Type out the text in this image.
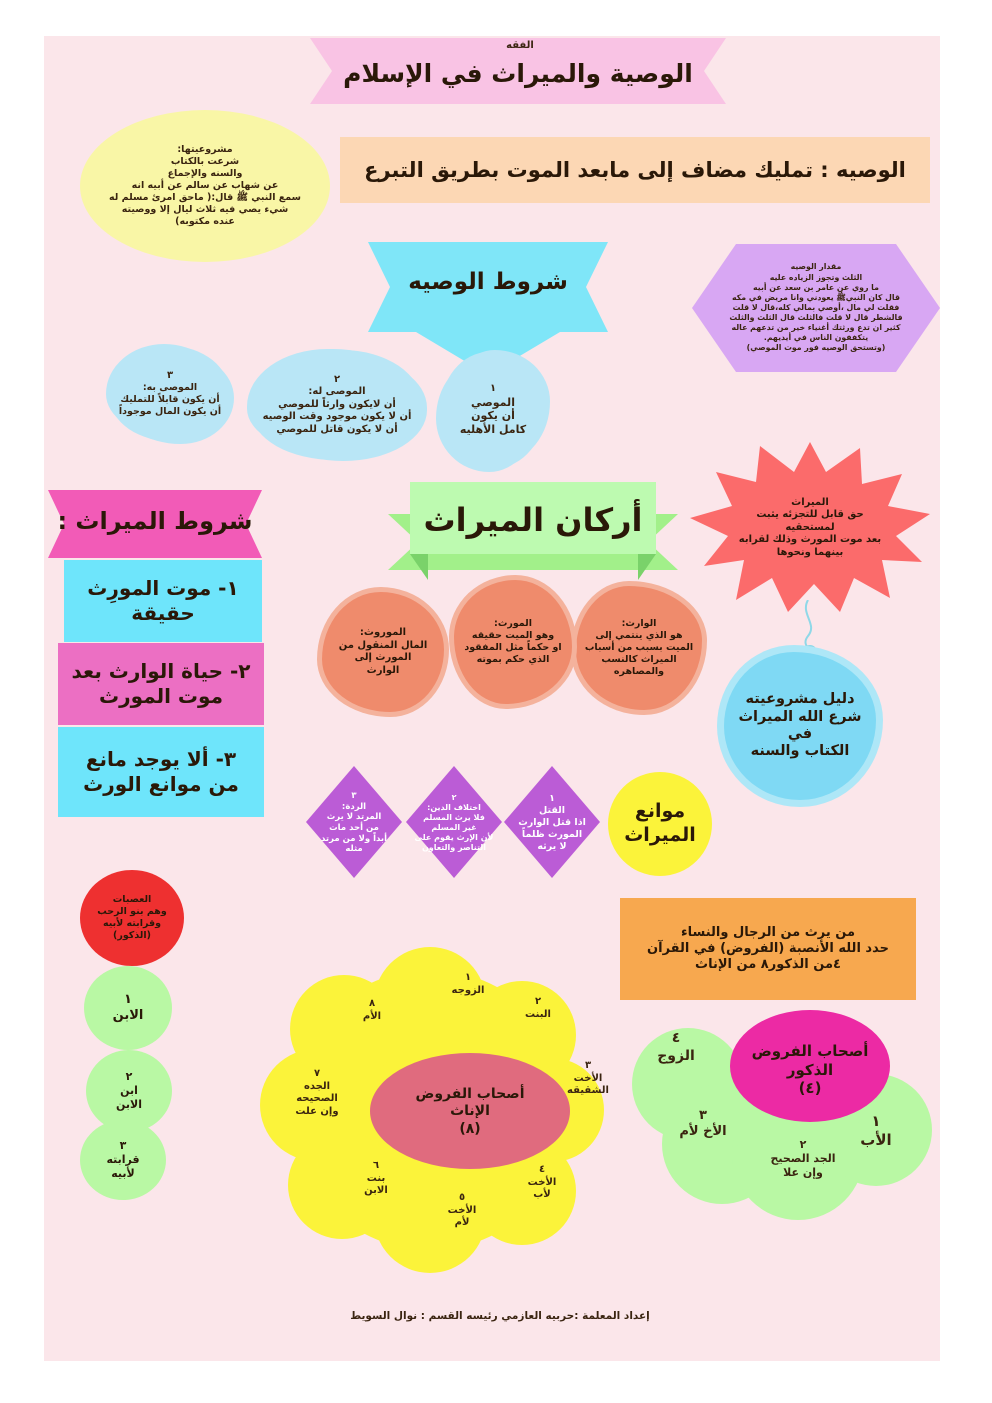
الفقه
الوصية والميراث في الإسلام
مشروعيتها:
شرعت بالكتاب
والسنه والإجماع
عن شهاب عن سالم عن أبيه انه
سمع النبي ﷺ قال:( ماحق امرئ مسلم له
شيء يصي فيه ثلاث ليال إلا ووصيته
عنده مكتوبه)
الوصيه : تمليك مضاف إلى مابعد الموت بطريق التبرع
شروط الوصيه
مقدار الوصيه
الثلث وتجوز الزياده عليه
ما روي عن عامر بن سعد عن أبيه
قال كان النبيﷺ يعودني وانا مريض في مكه
فقلت لي مال ،أوصي بمالي كله،قال لا قلت
فالشطر قال لا قلت فالثلث قال الثلث والثلث
كثير ان تدع ورثتك أغنياء خير من تدعهم عاله
يتكففون الناس في أيديهم.
(وتستحق الوصيه فور موت الموصي)
١
الموصي
أن يكون
كامل الأهليه
٢
الموصى له:
أن لايكون وارثاً للموصي
أن لا يكون موجود وقت الوصيه
أن لا يكون قاتل للموصي
٣
الموصى به:
أن يكون قابلاً للتمليك
أن يكون المال موجوداً
شروط الميراث :
١- موت المورِث حقيقة
٢- حياة الوارث بعد موت المورث
٣- ألا يوجد مانع من موانع الورث
أركان الميراث
الوارث:
هو الذي ينتمي إلى
الميت بسبب من أسباب
الميراث كالنسب
والمصاهره
المورث:
وهو الميت حقيقه
او حكماً مثل المفقود
الذي حكم بموته
الموروث:
المال المنقول من
المورث إلى
الوارث
الميراث
حق قابل للتجزئه يثبت لمستحقيه
بعد موت المورث وذلك لقرابه
بينهما ونحوها
دليل مشروعيته
شرع الله الميراث
في
الكتاب والسنه
موانع
الميراث
١
القتل
اذا قتل الوارث
المورث ظلماً
لا يرثه
٢
اختلاف الدين:
فلا يرث المسلم
غير المسلم
لأن الإرث يقوم على
التناصر والتعاون
٣
الردة:
المرتد لا يرث
من أحد مات
أبداً ولا من مرتد
مثله
من يرث من الرجال والنساء
حدد الله الأنصبة (الفروض) في القرآن
٤من الذكور٨ من الإناث
العصبات
وهم بنو الرحب
وقرابته لأبيه
(الذكور)
١
الابن
٢
ابن
الابن
٣
قرابته
لأبيه
أصحاب الفروض
الإناث
(٨)
١
الزوجه
٢
البنت
٣
الأخت
الشقيقه
٤
الأخت
لأب
٥
الأخت
لأم
٦
بنت
الابن
٧
الجده
الصحيحه
وإن علت
٨
الأم
أصحاب الفروض
الذكور
(٤)
١
الأب
٢
الجد الصحيح
وإن علا
٣
الأخ لأم
٤
الزوج
إعداد المعلمة :حربيه العازمي رئيسه القسم : نوال السويط
